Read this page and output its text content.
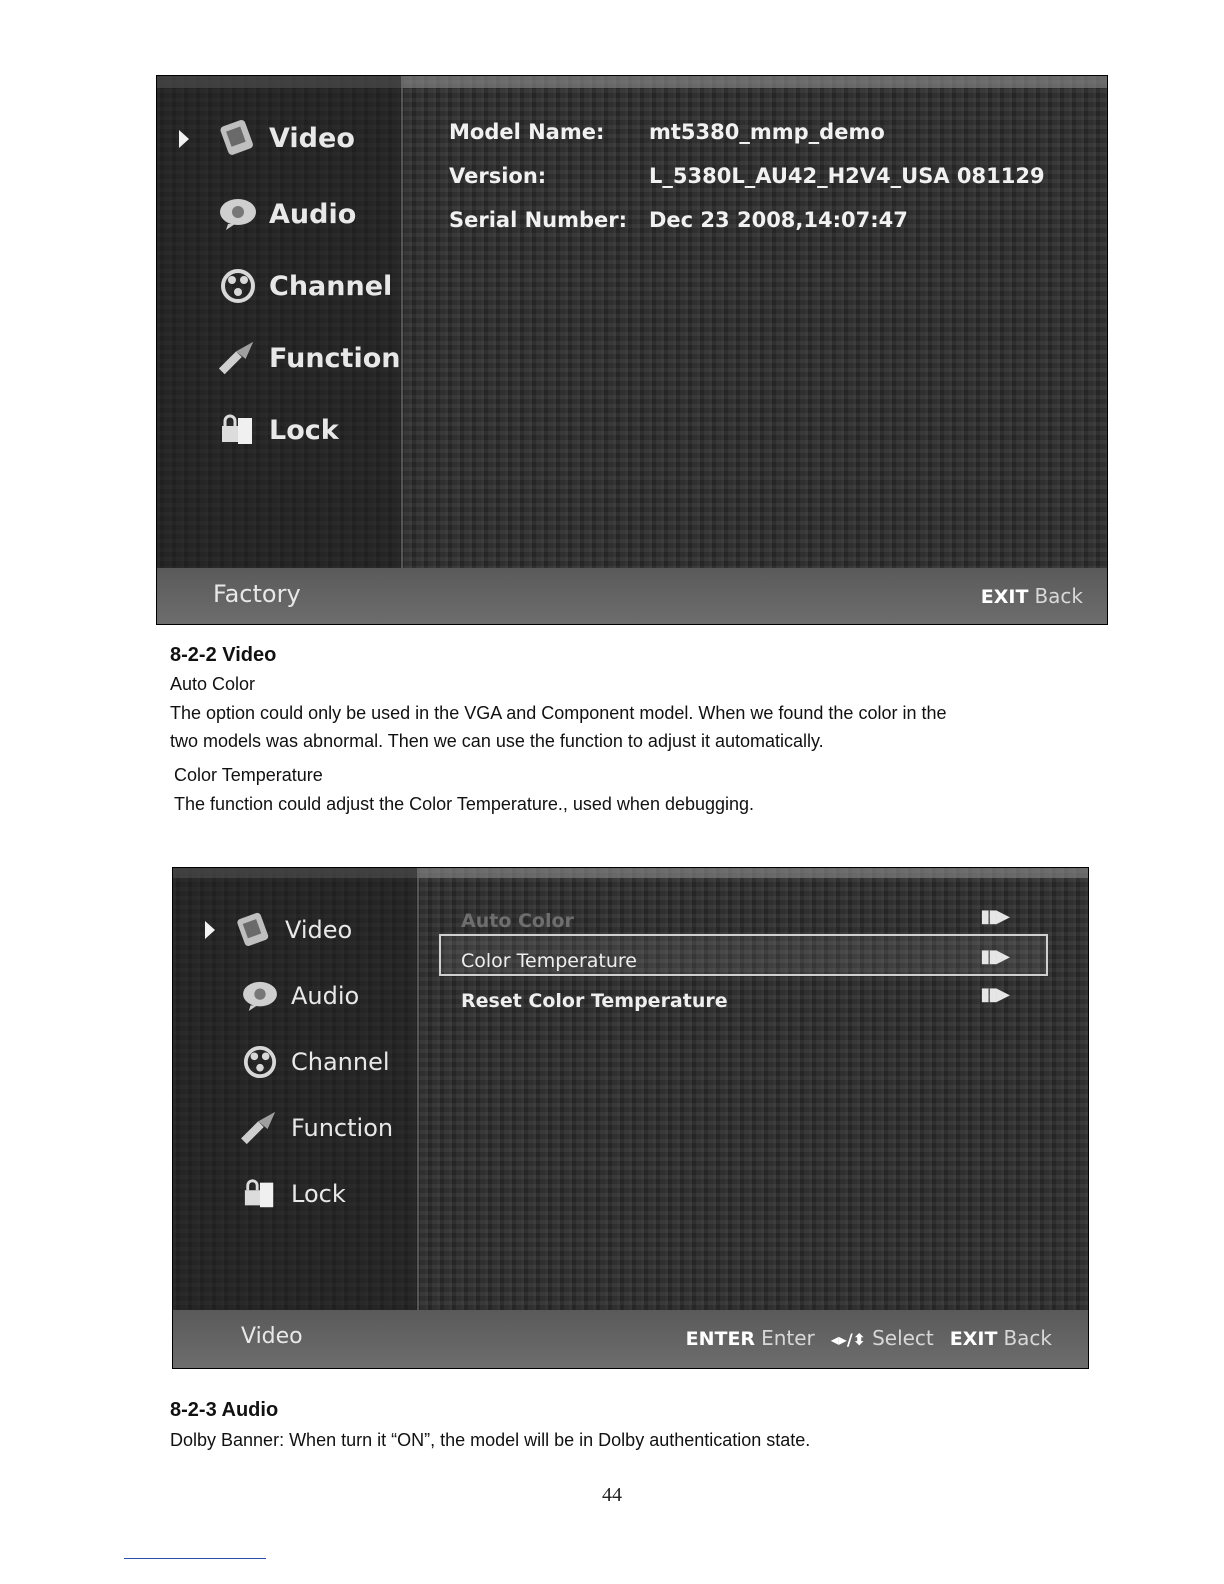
Video
Audio
Channel
Function
Lock
Model Name: mt5380_mmp_demo
Version:	L_5380L_AU42_H2V4_USA 081129
Serial Number: Dec 23 2008,14:07:47
Factory	EXIT Back
8-2-2 Video
Auto Color
The option could only be used in the VGA and Component model. When we found the color in the
two models was abnormal. Then we can use the function to adjust it automatically.
Color Temperature
The function could adjust the Color Temperature., used when debugging.
Video
Audio
Channel
Function
Lock
Auto Color	▮▮▶
Color Temperature	▮▮▶
Reset Color Temperature	▮▮▶
Video	ENTER Enter ◂▸/⬍ Select EXIT Back
8-2-3 Audio
Dolby Banner: When turn it “ON”, the model will be in Dolby authentication state.
44
